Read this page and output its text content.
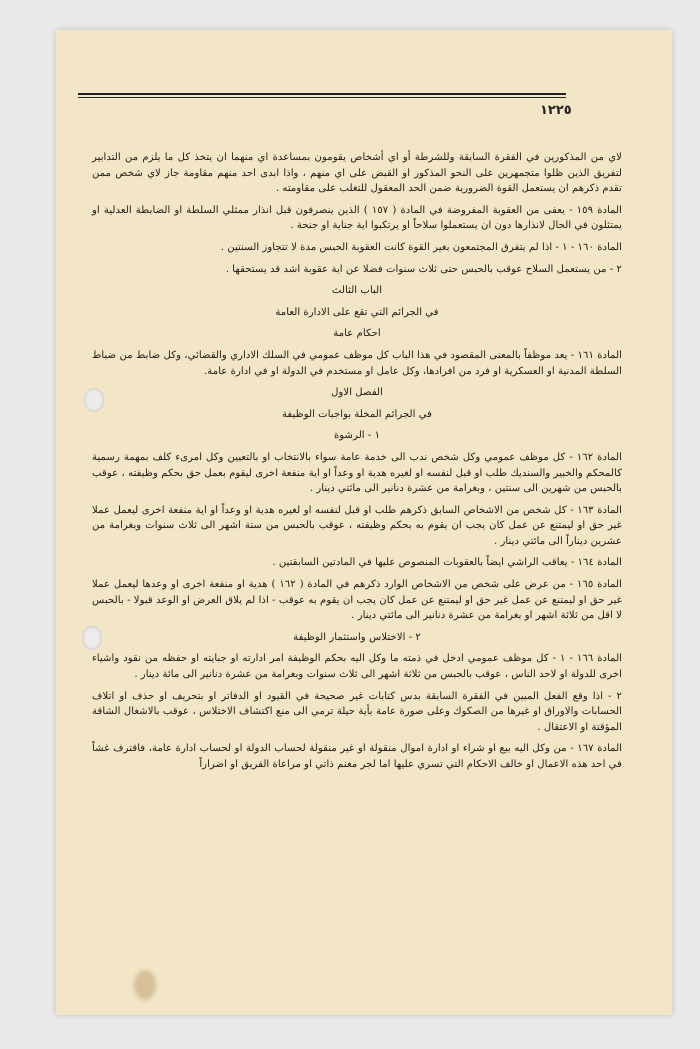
١٢٢٥

لاي من المذكورين في الفقرة السابقة وللشرطة أو اي أشخاص يقومون بمساعدة اي منهما ان يتخذ كل ما يلزم من التدابير لتفريق الذين ظلوا متجمهرين على النحو المذكور او القبض على اي منهم ، واذا ابدى احد منهم مقاومة جاز لاي شخص ممن تقدم ذكرهم ان يستعمل القوة الضرورية ضمن الحد المعقول للتغلب على مقاومته .

المادة ١٥٩ - يعفى من العقوبة المفروضة في المادة ( ١٥٧ ) الذين ينصرفون قبل انذار ممثلي السلطة او الضابطة العدلية او يمتثلون في الحال لانذارها دون ان يستعملوا سلاحاً او يرتكبوا اية جناية او جنحة .

المادة ١٦٠ - ١ - اذا لم يتفرق المجتمعون بغير القوة كانت العقوبة الحبس مدة لا تتجاوز السنتين .

٢ - من يستعمل السلاح عوقب بالحبس حتى ثلاث سنوات فضلا عن اية عقوبة اشد قد يستحقها .

الباب الثالث

في الجرائم التي تقع على الادارة العامة

احكام عامة

المادة ١٦١ - يعد موظفاً بالمعنى المقصود في هذا الباب كل موظف عمومي في السلك الاداري والقضائي، وكل ضابط من ضباط السلطة المدنية او العسكرية او فرد من افرادها، وكل عامل او مستخدم في الدولة او في ادارة عامة.

الفصل الاول

في الجرائم المخلة بواجبات الوظيفة

١ - الرشوة

المادة ١٦٢ - كل موظف عمومي وكل شخص ندب الى خدمة عامة سواء بالانتخاب او بالتعيين وكل امرىء كلف بمهمة رسمية كالمحكم والخبير والسنديك طلب او قبل لنفسه او لغيره هدية او وعداً او اية منفعة اخرى ليقوم بعمل حق بحكم وظيفته ، عوقب بالحبس من شهرين الى سنتين ، وبغرامة من عشرة دنانير الى مائتي دينار .

المادة ١٦٣ - كل شخص من الاشخاص السابق ذكرهم طلب او قبل لنفسه او لغيره هدية او وعداً او اية منفعة اخرى ليعمل عملا غير حق او ليمتنع عن عمل كان يجب ان يقوم به بحكم وظيفته ، عوقب بالحبس من ستة اشهر الى ثلاث سنوات وبغرامة من عشرين ديناراً الى مائتي دينار .

المادة ١٦٤ - يعاقب الراشي ايضاً بالعقوبات المنصوص عليها في المادتين السابقتين .

المادة ١٦٥ - من عرض على شخص من الاشخاص الوارد ذكرهم في المادة ( ١٦٢ ) هدية او منفعة اخرى او وعدها ليعمل عملا غير حق او ليمتنع عن عمل غير حق او ليمتنع عن عمل كان يجب ان يقوم به عوقب - اذا لم يلاق العرض او الوعد قبولا - بالحبس لا اقل من ثلاثة اشهر او بغرامة من عشرة دنانير الى مائتي دينار .

٢ - الاختلاس واستثمار الوظيفة

المادة ١٦٦ - ١ - كل موظف عمومي ادخل في ذمته ما وكل اليه بحكم الوظيفة امر ادارته او جبايته او حفظه من نقود واشياء اخرى للدولة او لاحد الناس ، عوقب بالحبس من ثلاثة اشهر الى ثلاث سنوات وبغرامة من عشرة دنانير الى مائة دينار .

٢ - اذا وقع الفعل المبين في الفقرة السابقة بدس كتابات غير صحيحة في القيود او الدفاتر او بتحريف او حذف او اتلاف الحسابات والاوراق او غيرها من الصكوك وعلى صورة عامة بأية حيلة ترمي الى منع اكتشاف الاختلاس ، عوقب بالاشغال الشاقة المؤقتة او الاعتقال .

المادة ١٦٧ - من وكل اليه بيع او شراء او ادارة اموال منقولة او غير منقولة لحساب الدولة او لحساب ادارة عامة، فاقترف غشاً في احد هذه الاعمال او خالف الاحكام التي تسري عليها اما لجر مغنم ذاتي او مراعاة الفريق او اضراراً
